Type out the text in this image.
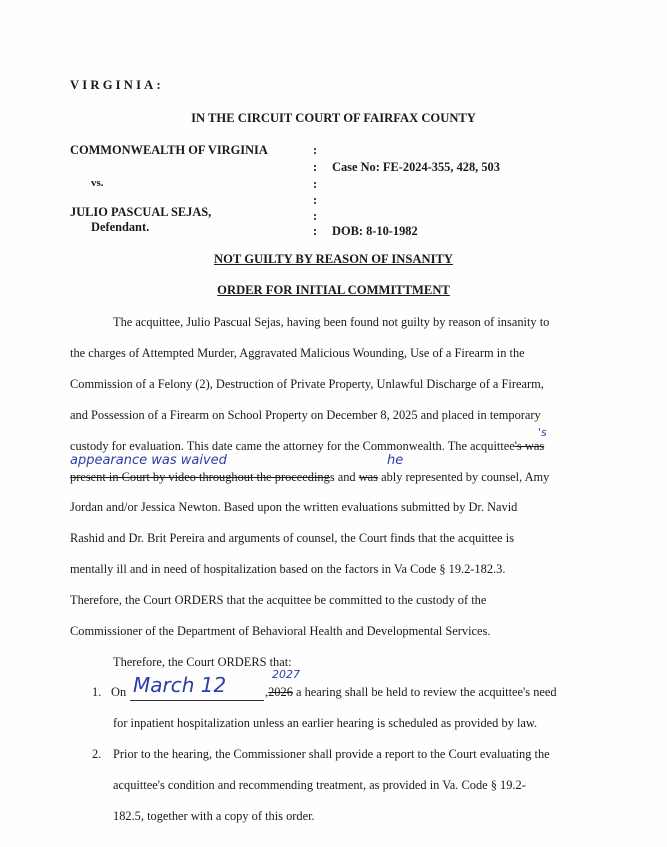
VIRGINIA:
IN THE CIRCUIT COURT OF FAIRFAX COUNTY
COMMONWEALTH OF VIRGINIA
vs.
JULIO PASCUAL SEJAS,
Defendant.
:
:
:
:
:
:
Case No: FE-2024-355, 428, 503
DOB: 8-10-1982
NOT GUILTY BY REASON OF INSANITY
ORDER FOR INITIAL COMMITTMENT
The acquittee, Julio Pascual Sejas, having been found not guilty by reason of insanity to
the charges of Attempted Murder, Aggravated Malicious Wounding, Use of a Firearm in the
Commission of a Felony (2), Destruction of Private Property, Unlawful Discharge of a Firearm,
and Possession of a Firearm on School Property on December 8, 2025 and placed in temporary
custody for evaluation. This date came the attorney for the Commonwealth. The acquittee's was
's
appearance was waived
present in Court by video throughout the proceedings and was ably represented by counsel, Amy
he
Jordan and/or Jessica Newton. Based upon the written evaluations submitted by Dr. Navid
Rashid and Dr. Brit Pereira and arguments of counsel, the Court finds that the acquittee is
mentally ill and in need of hospitalization based on the factors in Va Code § 19.2-182.3.
Therefore, the Court ORDERS that the acquittee be committed to the custody of the
Commissioner of the Department of Behavioral Health and Developmental Services.
Therefore, the Court ORDERS that:
1. On March 12	2027
,2026 a hearing shall be held to review the acquittee's need
for inpatient hospitalization unless an earlier hearing is scheduled as provided by law.
2. Prior to the hearing, the Commissioner shall provide a report to the Court evaluating the
acquittee's condition and recommending treatment, as provided in Va. Code § 19.2-
182.5, together with a copy of this order.
